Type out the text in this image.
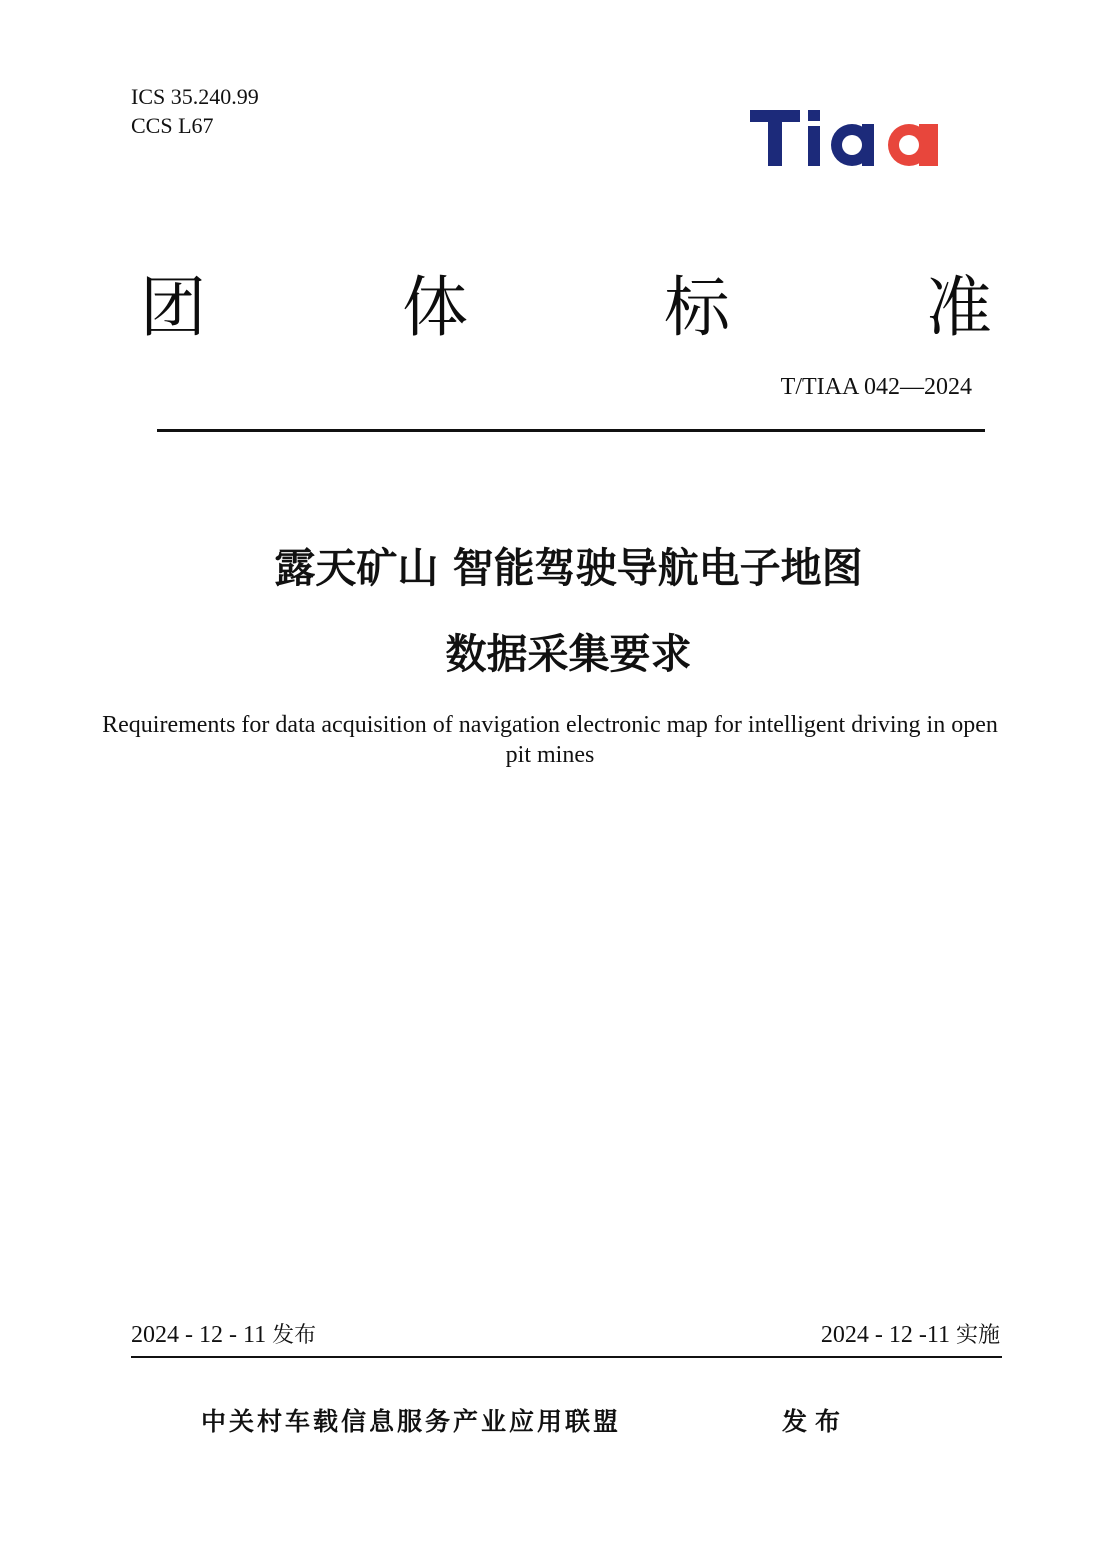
ICS 35.240.99
CCS L67
团	体	标	准
T/TIAA 042—2024
露天矿山 智能驾驶导航电子地图
数据采集要求
Requirements for data acquisition of navigation electronic map for intelligent driving in open pit mines
2024 - 12 - 11 发布	2024 - 12 -11 实施
中关村车载信息服务产业应用联盟	发布
